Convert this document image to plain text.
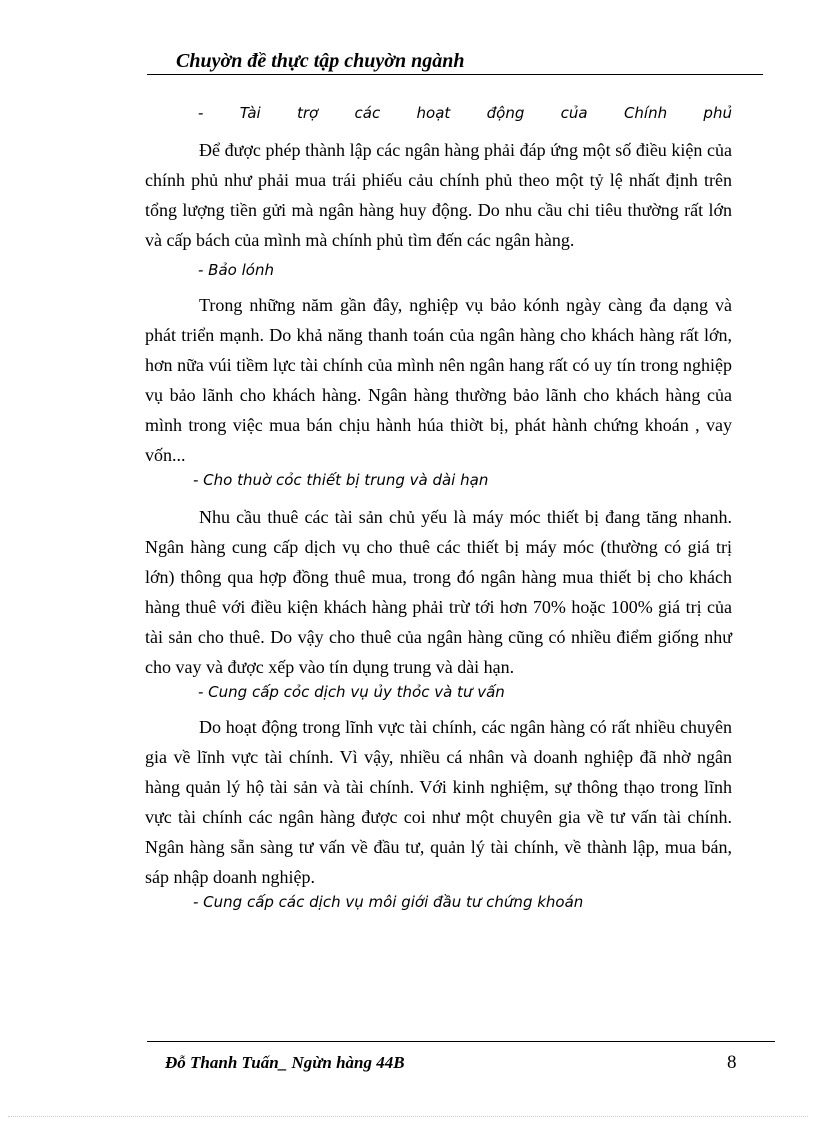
Chuyờn đề thực tập chuyờn ngành
- Tài trợ các hoạt động của Chính phủ
Để được phép thành lập các ngân hàng phải đáp ứng một số điều kiện của chính phủ như phải mua trái phiếu cảu chính phủ theo một tỷ lệ nhất định trên tổng lượng tiền gửi mà ngân hàng huy động. Do nhu cầu chi tiêu thường rất lớn và cấp bách của mình mà chính phủ tìm đến các ngân hàng.
- Bảo lónh
Trong những năm gần đây, nghiệp vụ bảo kónh ngày càng đa dạng và phát triển mạnh. Do khả năng thanh toán của ngân hàng cho khách hàng rất lớn, hơn nữa vúi tiềm lực tài chính của mình nên ngân hang rất có uy tín trong nghiệp vụ bảo lãnh cho khách hàng. Ngân hàng thường bảo lãnh cho khách hàng của mình trong việc mua bán chịu hành húa thiờt bị, phát hành chứng khoán , vay vốn...
- Cho thuờ cỏc thiết bị trung và dài hạn
Nhu cầu thuê các tài sản chủ yếu là máy móc thiết bị đang tăng nhanh. Ngân hàng cung cấp dịch vụ cho thuê các thiết bị máy móc (thường có giá trị lớn) thông qua hợp đồng thuê mua, trong đó ngân hàng mua thiết bị cho khách hàng thuê với điều kiện khách hàng phải trừ tới hơn 70% hoặc 100% giá trị của tài sản cho thuê. Do vậy cho thuê của ngân hàng cũng có nhiều điểm giống như cho vay và được xếp vào tín dụng trung và dài hạn.
- Cung cấp cỏc dịch vụ ủy thỏc và tư vấn
Do hoạt động trong lĩnh vực tài chính, các ngân hàng có rất nhiều chuyên gia về lĩnh vực tài chính. Vì vậy, nhiều cá nhân và doanh nghiệp đã nhờ ngân hàng quản lý hộ tài sản và tài chính. Với kinh nghiệm, sự thông thạo trong lĩnh vực tài chính các ngân hàng được coi như một chuyên gia về tư vấn tài chính. Ngân hàng sẵn sàng tư vấn về đầu tư, quản lý tài chính, về thành lập, mua bán, sáp nhập doanh nghiệp.
- Cung cấp các dịch vụ môi giới đầu tư chứng khoán
Đỗ Thanh Tuấn_ Ngừn hàng 44B	8
